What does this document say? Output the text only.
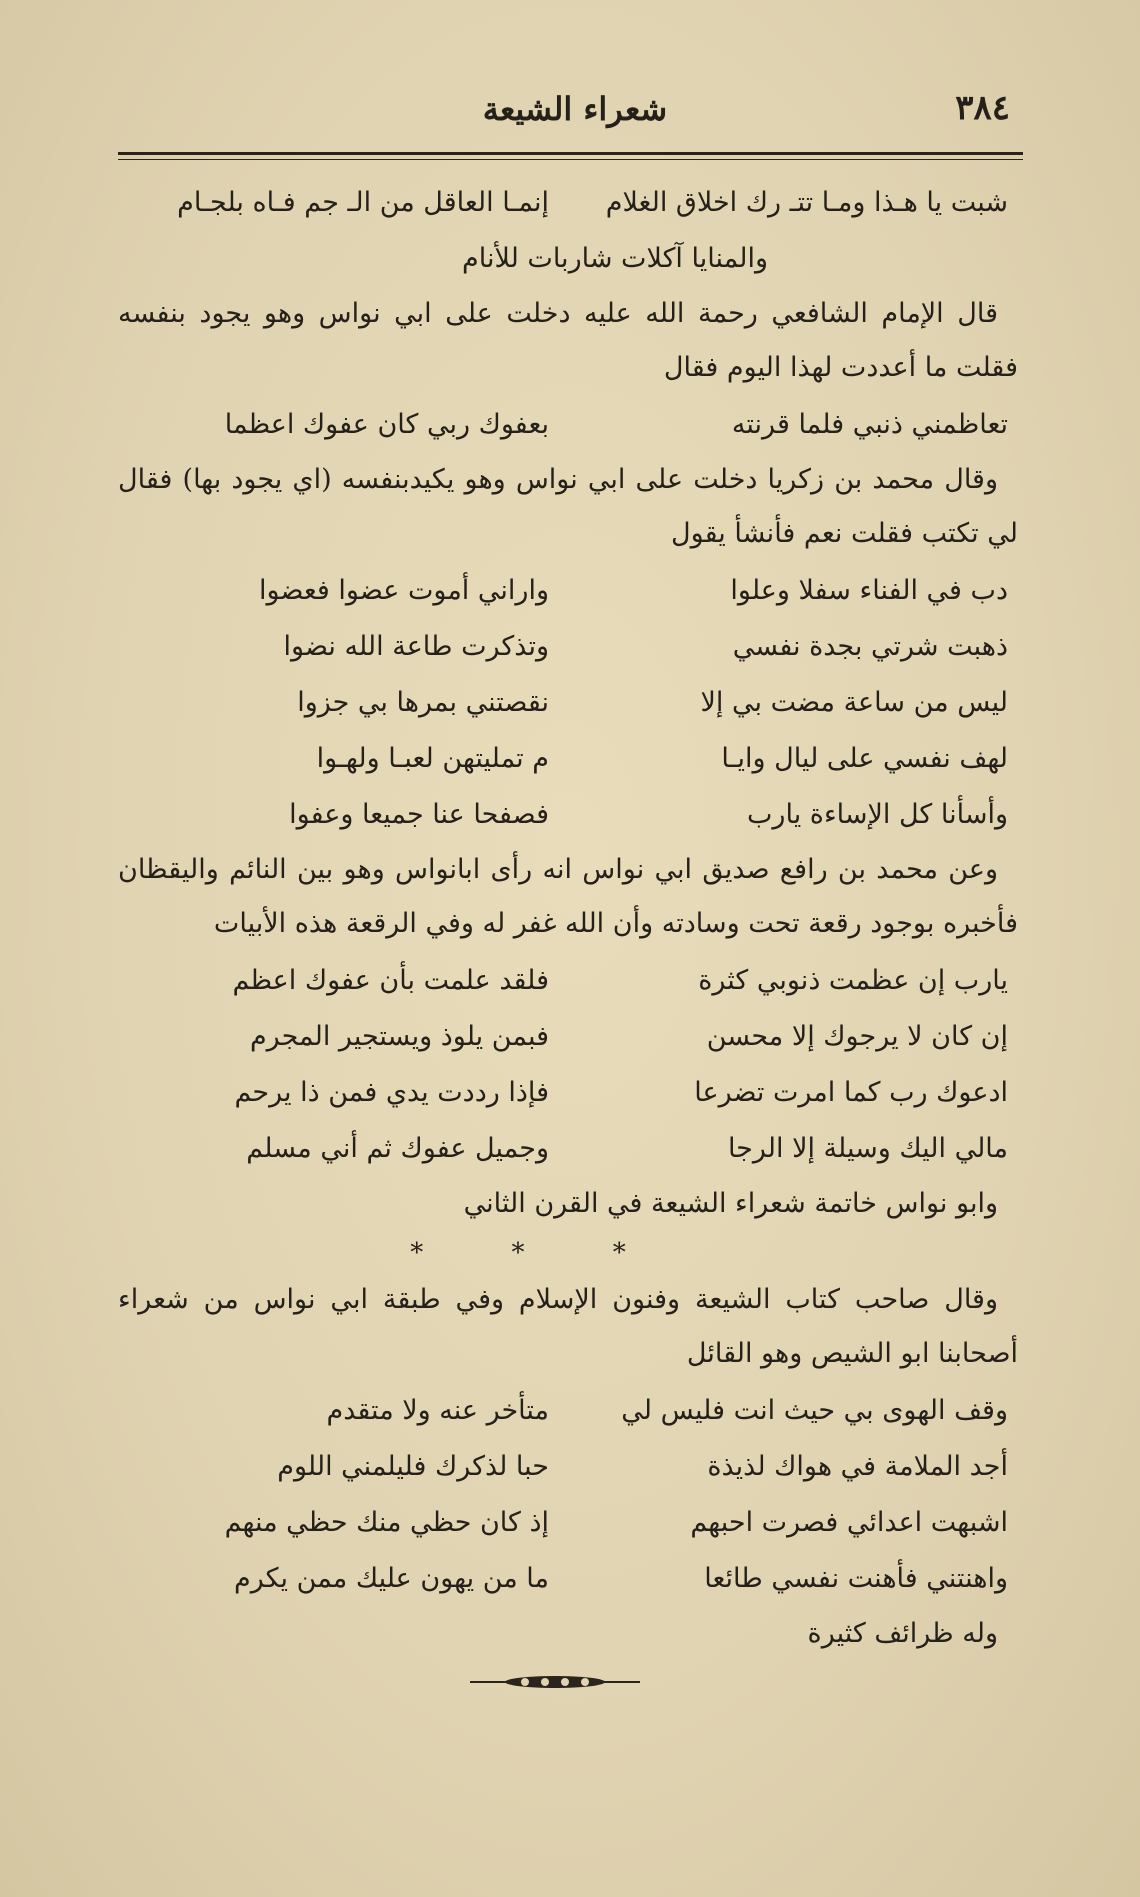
٣٨٤
شعراء الشيعة
شبت يا هـذا ومـا تتـ رك اخلاق الغلام
إنمـا العاقل من الـ جم فـاه بلجـام
والمنايا آكلات شاربات للأنام

قال الإمام الشافعي رحمة الله عليه دخلت على ابي نواس وهو يجود بنفسه فقلت ما أعددت لهذا اليوم فقال

تعاظمني ذنبي فلما قرنته
بعفوك ربي كان عفوك اعظما

وقال محمد بن زكريا دخلت على ابي نواس وهو يكيدبنفسه (اي يجود بها) فقال لي تكتب فقلت نعم فأنشأ يقول

دب في الفناء سفلا وعلوا
واراني أموت عضوا فعضوا
ذهبت شرتي بجدة نفسي
وتذكرت طاعة الله نضوا
ليس من ساعة مضت بي إلا
نقصتني بمرها بي جزوا
لهف نفسي على ليال وايـا
م تمليتهن لعبـا ولهـوا
وأسأنا كل الإساءة يارب
فصفحا عنا جميعا وعفوا

وعن محمد بن رافع صديق ابي نواس انه رأى ابانواس وهو بين النائم واليقظان فأخبره بوجود رقعة تحت وسادته وأن الله غفر له وفي الرقعة هذه الأبيات

يارب إن عظمت ذنوبي كثرة
فلقد علمت بأن عفوك اعظم
إن كان لا يرجوك إلا محسن
فبمن يلوذ ويستجير المجرم
ادعوك رب كما امرت تضرعا
فإذا رددت يدي فمن ذا يرحم
مالي اليك وسيلة إلا الرجا
وجميل عفوك ثم أني مسلم

وابو نواس خاتمة شعراء الشيعة في القرن الثاني

* * *

وقال صاحب كتاب الشيعة وفنون الإسلام وفي طبقة ابي نواس من شعراء أصحابنا ابو الشيص وهو القائل

وقف الهوى بي حيث انت فليس لي
متأخر عنه ولا متقدم
أجد الملامة في هواك لذيذة
حبا لذكرك فليلمني اللوم
اشبهت اعدائي فصرت احبهم
إذ كان حظي منك حظي منهم
واهنتني فأهنت نفسي طائعا
ما من يهون عليك ممن يكرم

وله ظرائف كثيرة
